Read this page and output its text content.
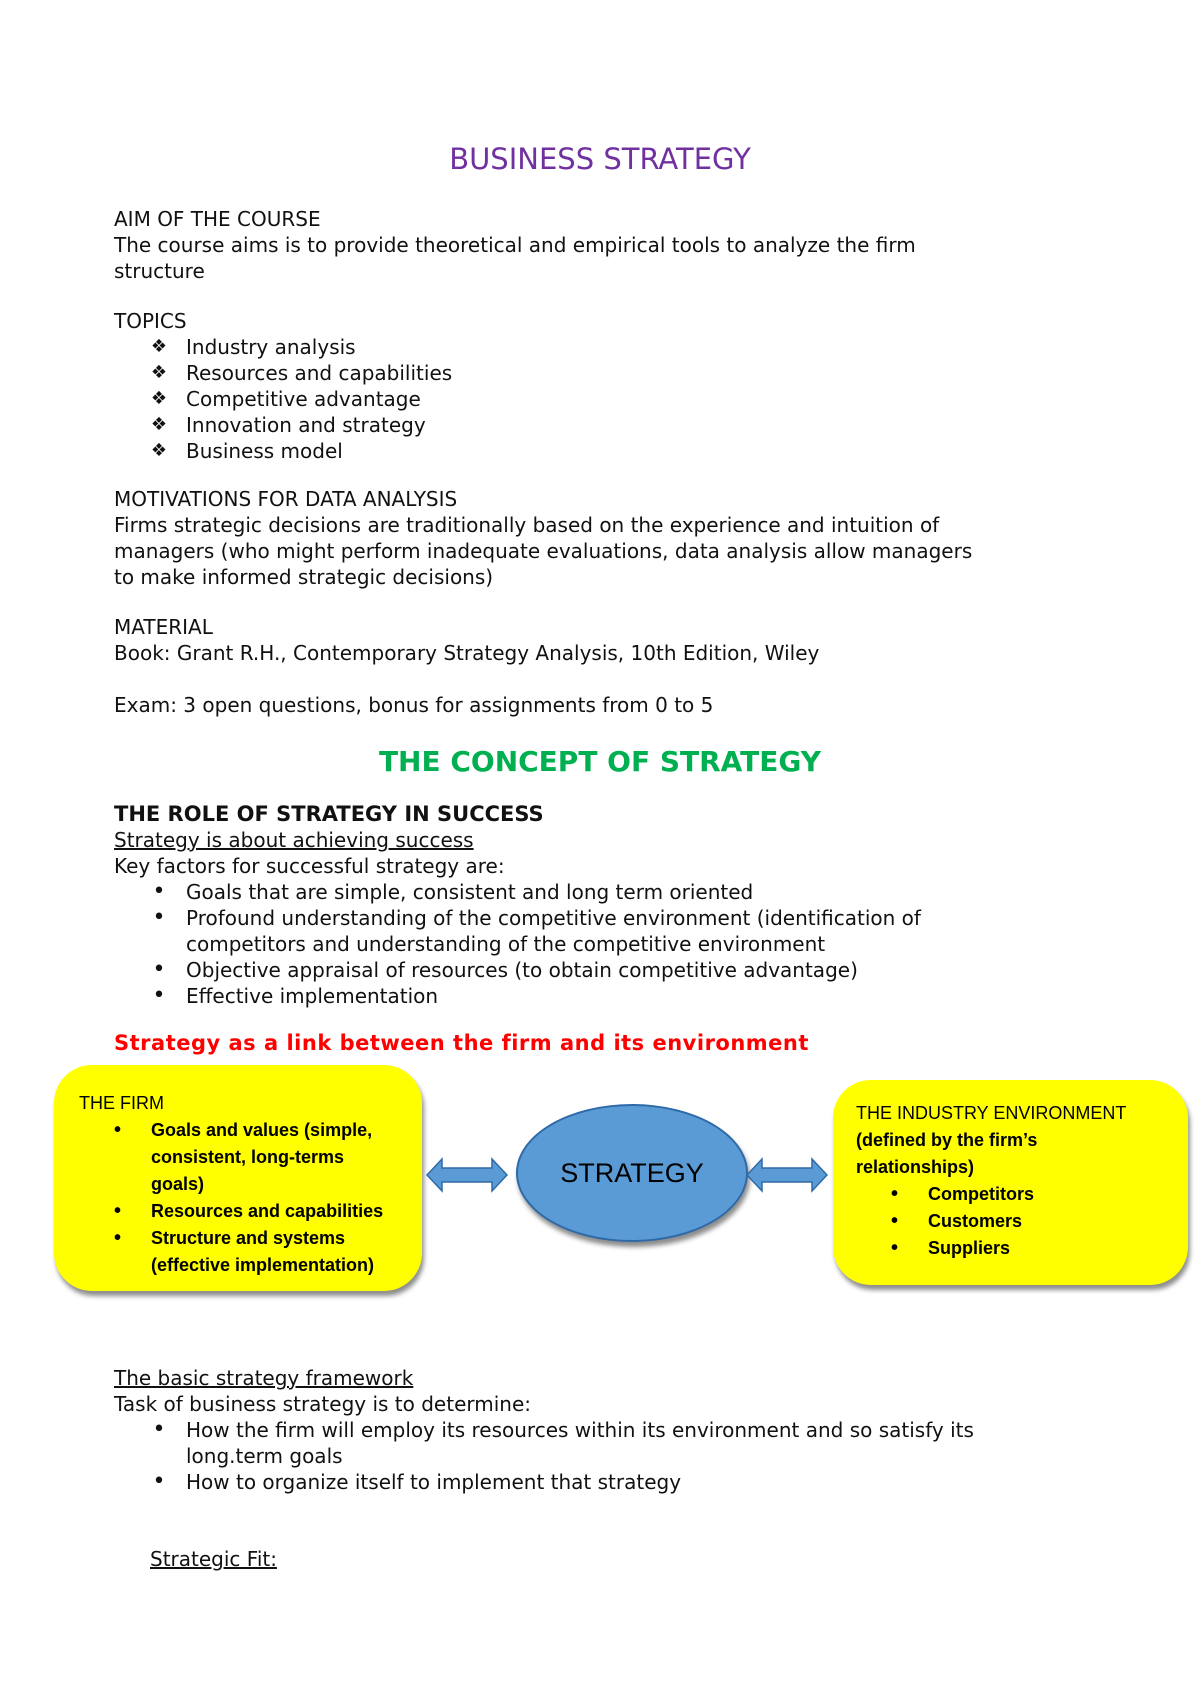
BUSINESS STRATEGY

AIM OF THE COURSE

The course aims is to provide theoretical and empirical tools to analyze the firm

structure

TOPICS

❖ Industry analysis
❖ Resources and capabilities
❖ Competitive advantage
❖ Innovation and strategy
❖ Business model

MOTIVATIONS FOR DATA ANALYSIS

Firms strategic decisions are traditionally based on the experience and intuition of

managers (who might perform inadequate evaluations, data analysis allow managers

to make informed strategic decisions)

MATERIAL

Book: Grant R.H., Contemporary Strategy Analysis, 10th Edition, Wiley

Exam: 3 open questions, bonus for assignments from 0 to 5

THE CONCEPT OF STRATEGY

THE ROLE OF STRATEGY IN SUCCESS

Strategy is about achieving success

Key factors for successful strategy are:

• Goals that are simple, consistent and long term oriented
• Profound understanding of the competitive environment (identification of
competitors and understanding of the competitive environment
• Objective appraisal of resources (to obtain competitive advantage)
• Effective implementation
Strategy as a link between the firm and its environment

THE FIRM

• Goals and values (simple,
consistent, long-terms
goals)
• Resources and capabilities
• Structure and systems
(effective implementation)
STRATEGY

THE INDUSTRY ENVIRONMENT

(defined by the firm’s

relationships)

• Competitors
• Customers
• Suppliers

The basic strategy framework

Task of business strategy is to determine:

• How the firm will employ its resources within its environment and so satisfy its
long.term goals
• How to organize itself to implement that strategy

Strategic Fit:
